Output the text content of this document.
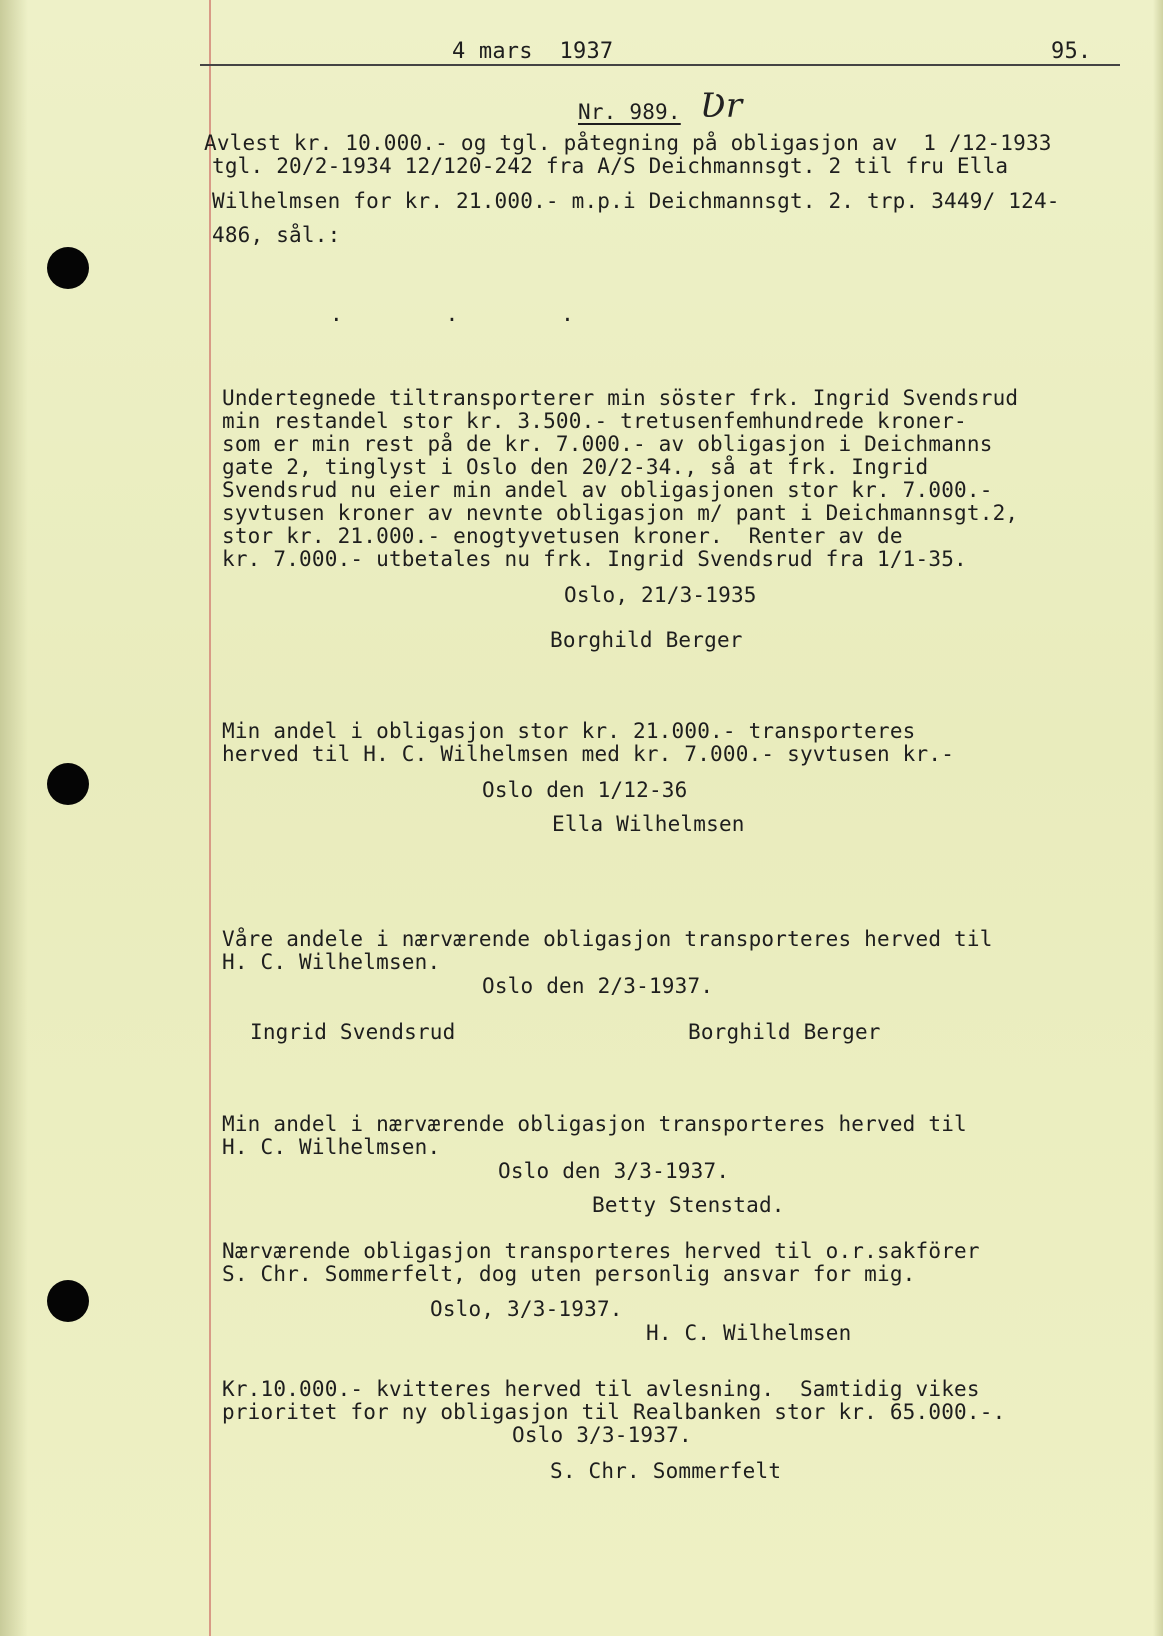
4 mars  1937	95.
Nr. 989. Ʋr
Avlest kr. 10.000.- og tgl. påtegning på obligasjon av  1 /12-1933
tgl. 20/2-1934 12/120-242 fra A/S Deichmannsgt. 2 til fru Ella
Wilhelmsen for kr. 21.000.- m.p.i Deichmannsgt. 2. trp. 3449/ 124-
486, sål.:
.        .        .
Undertegnede tiltransporterer min söster frk. Ingrid Svendsrud
min restandel stor kr. 3.500.- tretusenfemhundrede kroner-
som er min rest på de kr. 7.000.- av obligasjon i Deichmanns
gate 2, tinglyst i Oslo den 20/2-34., så at frk. Ingrid
Svendsrud nu eier min andel av obligasjonen stor kr. 7.000.-
syvtusen kroner av nevnte obligasjon m/ pant i Deichmannsgt.2,
stor kr. 21.000.- enogtyvetusen kroner.  Renter av de
kr. 7.000.- utbetales nu frk. Ingrid Svendsrud fra 1/1-35.
Oslo, 21/3-1935
Borghild Berger
Min andel i obligasjon stor kr. 21.000.- transporteres
herved til H. C. Wilhelmsen med kr. 7.000.- syvtusen kr.-
Oslo den 1/12-36
Ella Wilhelmsen
Våre andele i nærværende obligasjon transporteres herved til
H. C. Wilhelmsen.
Oslo den 2/3-1937.
Ingrid Svendsrud	Borghild Berger
Min andel i nærværende obligasjon transporteres herved til
H. C. Wilhelmsen.
Oslo den 3/3-1937.
Betty Stenstad.
Nærværende obligasjon transporteres herved til o.r.sakförer
S. Chr. Sommerfelt, dog uten personlig ansvar for mig.
Oslo, 3/3-1937.
H. C. Wilhelmsen
Kr.10.000.- kvitteres herved til avlesning.  Samtidig vikes
prioritet for ny obligasjon til Realbanken stor kr. 65.000.-.
Oslo 3/3-1937.
S. Chr. Sommerfelt
